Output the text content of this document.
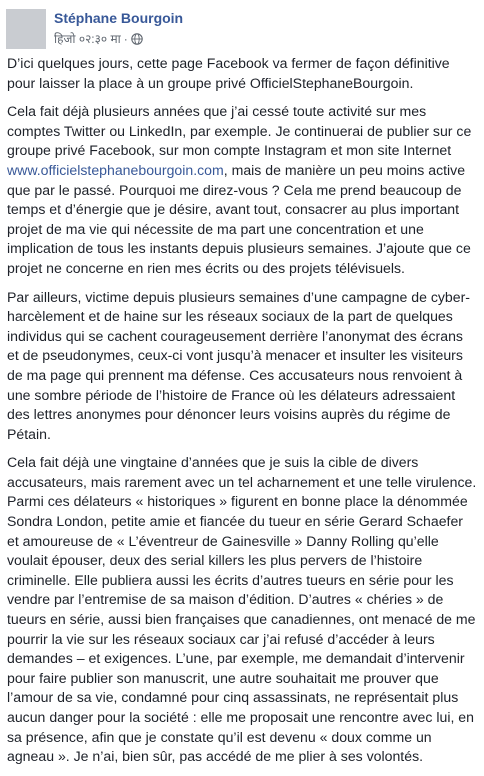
Stéphane Bourgoin
हिजो ०२:३० मा ·

D’ici quelques jours, cette page Facebook va fermer de façon définitive
pour laisser la place à un groupe privé OfficielStephaneBourgoin.

Cela fait déjà plusieurs années que j’ai cessé toute activité sur mes
comptes Twitter ou LinkedIn, par exemple. Je continuerai de publier sur ce
groupe privé Facebook, sur mon compte Instagram et mon site Internet
www.officielstephanebourgoin.com, mais de manière un peu moins active
que par le passé. Pourquoi me direz-vous ? Cela me prend beaucoup de
temps et d’énergie que je désire, avant tout, consacrer au plus important
projet de ma vie qui nécessite de ma part une concentration et une
implication de tous les instants depuis plusieurs semaines. J’ajoute que ce
projet ne concerne en rien mes écrits ou des projets télévisuels.

Par ailleurs, victime depuis plusieurs semaines d’une campagne de cyber-
harcèlement et de haine sur les réseaux sociaux de la part de quelques
individus qui se cachent courageusement derrière l’anonymat des écrans
et de pseudonymes, ceux-ci vont jusqu’à menacer et insulter les visiteurs
de ma page qui prennent ma défense. Ces accusateurs nous renvoient à
une sombre période de l’histoire de France où les délateurs adressaient
des lettres anonymes pour dénoncer leurs voisins auprès du régime de
Pétain.

Cela fait déjà une vingtaine d’années que je suis la cible de divers
accusateurs, mais rarement avec un tel acharnement et une telle virulence.
Parmi ces délateurs « historiques » figurent en bonne place la dénommée
Sondra London, petite amie et fiancée du tueur en série Gerard Schaefer
et amoureuse de « L’éventreur de Gainesville » Danny Rolling qu’elle
voulait épouser, deux des serial killers les plus pervers de l’histoire
criminelle. Elle publiera aussi les écrits d’autres tueurs en série pour les
vendre par l’entremise de sa maison d’édition. D’autres « chéries » de
tueurs en série, aussi bien françaises que canadiennes, ont menacé de me
pourrir la vie sur les réseaux sociaux car j’ai refusé d’accéder à leurs
demandes – et exigences. L’une, par exemple, me demandait d’intervenir
pour faire publier son manuscrit, une autre souhaitait me prouver que
l’amour de sa vie, condamné pour cinq assassinats, ne représentait plus
aucun danger pour la société : elle me proposait une rencontre avec lui, en
sa présence, afin que je constate qu’il est devenu « doux comme un
agneau ». Je n’ai, bien sûr, pas accédé de me plier à ses volontés.
